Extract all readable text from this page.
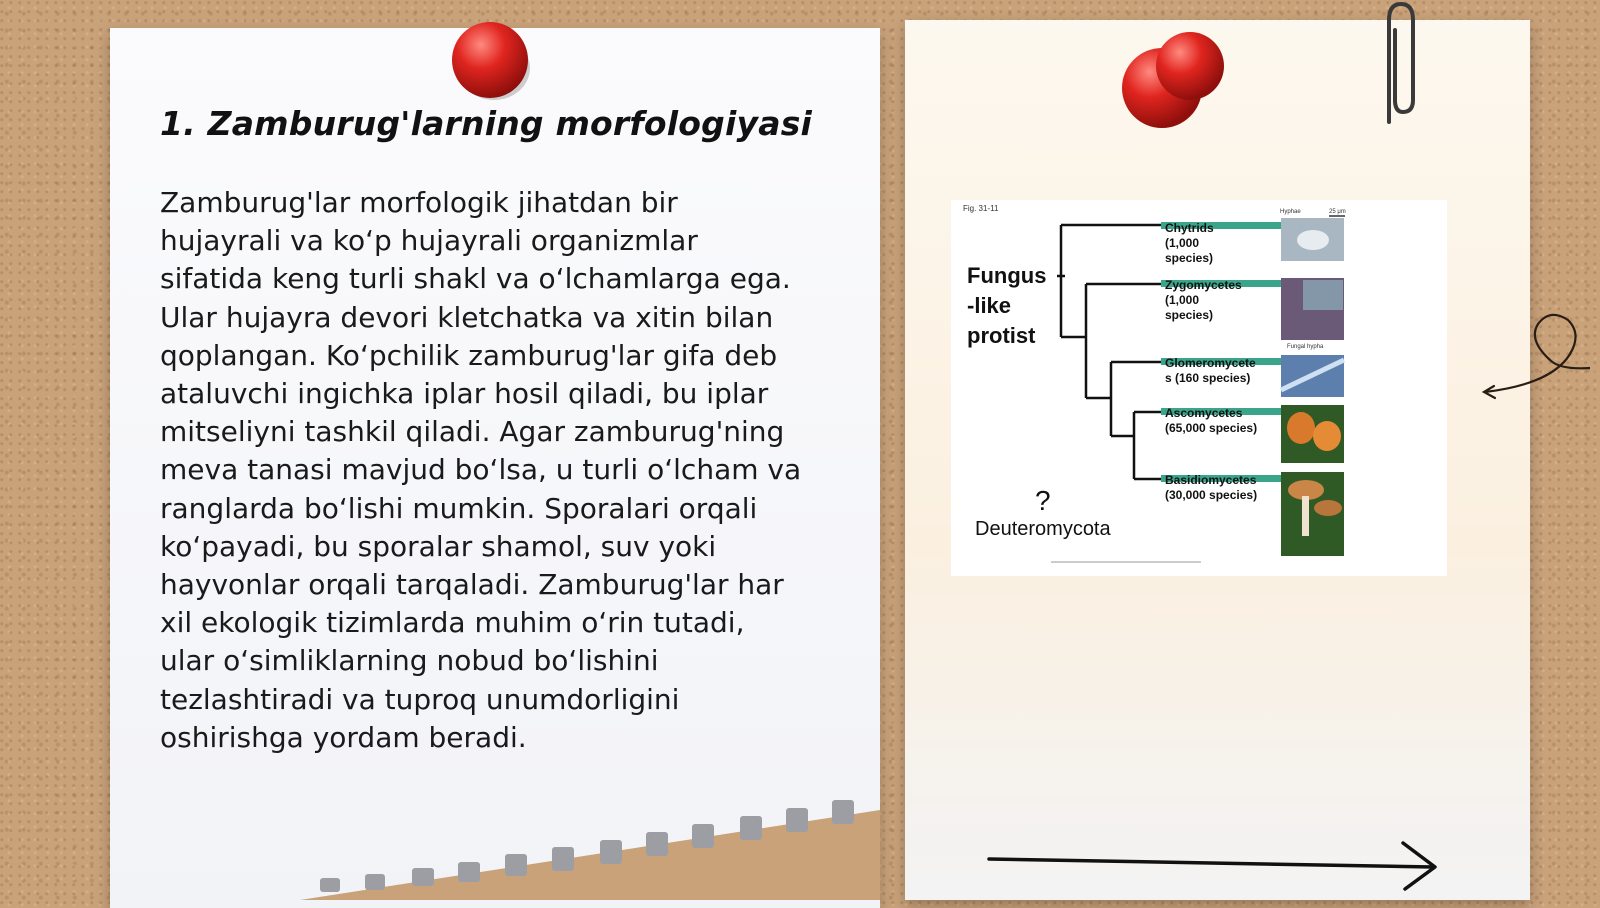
1. Zamburug'larning morfologiyasi
Zamburug'lar morfologik jihatdan bir
hujayrali va ko‘p hujayrali organizmlar
sifatida keng turli shakl va o‘lchamlarga ega.
Ular hujayra devori kletchatka va xitin bilan
qoplangan. Ko‘pchilik zamburug'lar gifa deb
ataluvchi ingichka iplar hosil qiladi, bu iplar
mitseliyni tashkil qiladi. Agar zamburug'ning
meva tanasi mavjud bo‘lsa, u turli o‘lcham va
ranglarda bo‘lishi mumkin. Sporalari orqali
ko‘payadi, bu sporalar shamol, suv yoki
hayvonlar orqali tarqaladi. Zamburug'lar har
xil ekologik tizimlarda muhim o‘rin tutadi,
ular o‘simliklarning nobud bo‘lishini
tezlashtiradi va tuproq unumdorligini
oshirishga yordam beradi.
Fig. 31-11	Hyphae	25 μm
Fungal hypha
Fungus
-like
protist
Chytrids
(1,000
species)
Zygomycetes
(1,000
species)
Glomeromycete
s (160 species)
Ascomycetes
(65,000 species)
Basidiomycetes
(30,000 species)
?
Deuteromycota
